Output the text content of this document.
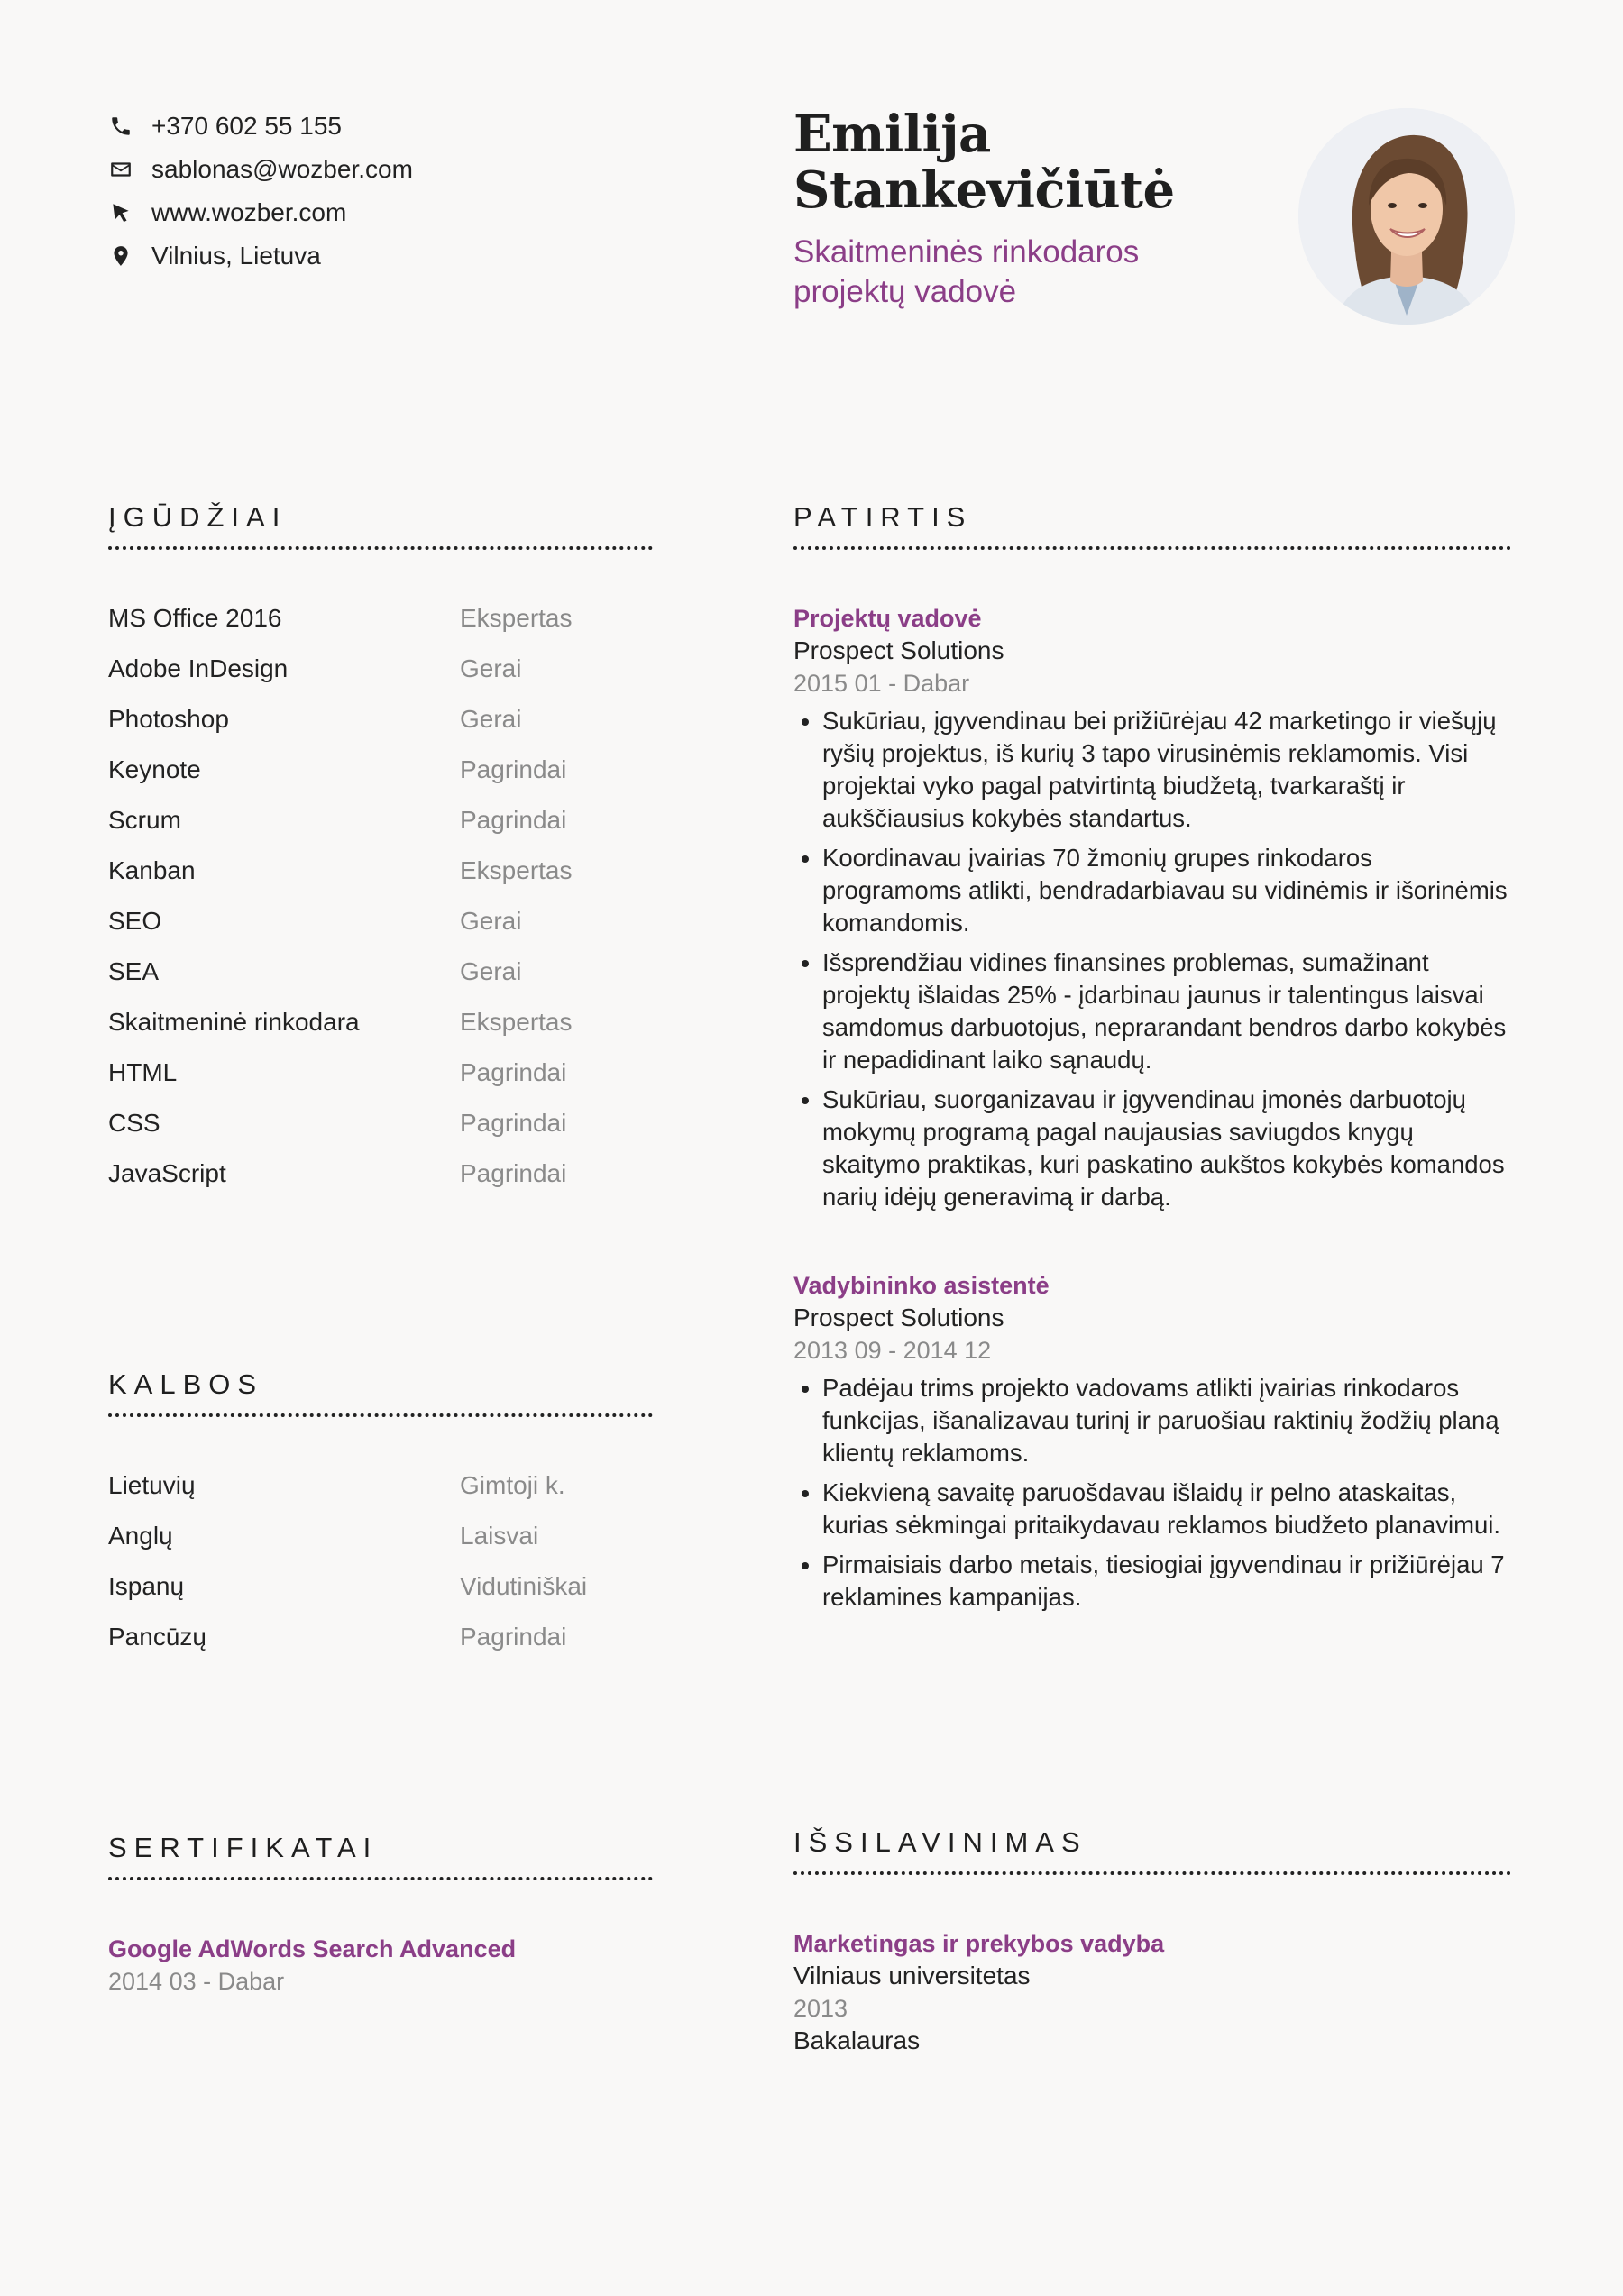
+370 602 55 155
sablonas@wozber.com
www.wozber.com
Vilnius, Lietuva
Emilija
Stankevičiūtė
Skaitmeninės rinkodaros projektų vadovė
ĮGŪDŽIAI
MS Office 2016	Ekspertas
Adobe InDesign	Gerai
Photoshop	Gerai
Keynote	Pagrindai
Scrum	Pagrindai
Kanban	Ekspertas
SEO	Gerai
SEA	Gerai
Skaitmeninė rinkodara	Ekspertas
HTML	Pagrindai
CSS	Pagrindai
JavaScript	Pagrindai
KALBOS
Lietuvių	Gimtoji k.
Anglų	Laisvai
Ispanų	Vidutiniškai
Pancūzų	Pagrindai
SERTIFIKATAI
Google AdWords Search Advanced
2014 03 - Dabar
PATIRTIS
Projektų vadovė
Prospect Solutions
2015 01 - Dabar
• Sukūriau, įgyvendinau bei prižiūrėjau 42 marketingo ir viešųjų ryšių projektus, iš kurių 3 tapo virusinėmis reklamomis. Visi projektai vyko pagal patvirtintą biudžetą, tvarkaraštį ir aukščiausius kokybės standartus.
• Koordinavau įvairias 70 žmonių grupes rinkodaros programoms atlikti, bendradarbiavau su vidinėmis ir išorinėmis komandomis.
• Išsprendžiau vidines finansines problemas, sumažinant projektų išlaidas 25% - įdarbinau jaunus ir talentingus laisvai samdomus darbuotojus, neprarandant bendros darbo kokybės ir nepadidinant laiko sąnaudų.
• Sukūriau, suorganizavau ir įgyvendinau įmonės darbuotojų mokymų programą pagal naujausias saviugdos knygų skaitymo praktikas, kuri paskatino aukštos kokybės komandos narių idėjų generavimą ir darbą.
Vadybininko asistentė
Prospect Solutions
2013 09 - 2014 12
• Padėjau trims projekto vadovams atlikti įvairias rinkodaros funkcijas, išanalizavau turinį ir paruošiau raktinių žodžių planą klientų reklamoms.
• Kiekvieną savaitę paruošdavau išlaidų ir pelno ataskaitas, kurias sėkmingai pritaikydavau reklamos biudžeto planavimui.
• Pirmaisiais darbo metais, tiesiogiai įgyvendinau ir prižiūrėjau 7 reklamines kampanijas.
IŠSILAVINIMAS
Marketingas ir prekybos vadyba
Vilniaus universitetas
2013
Bakalauras
